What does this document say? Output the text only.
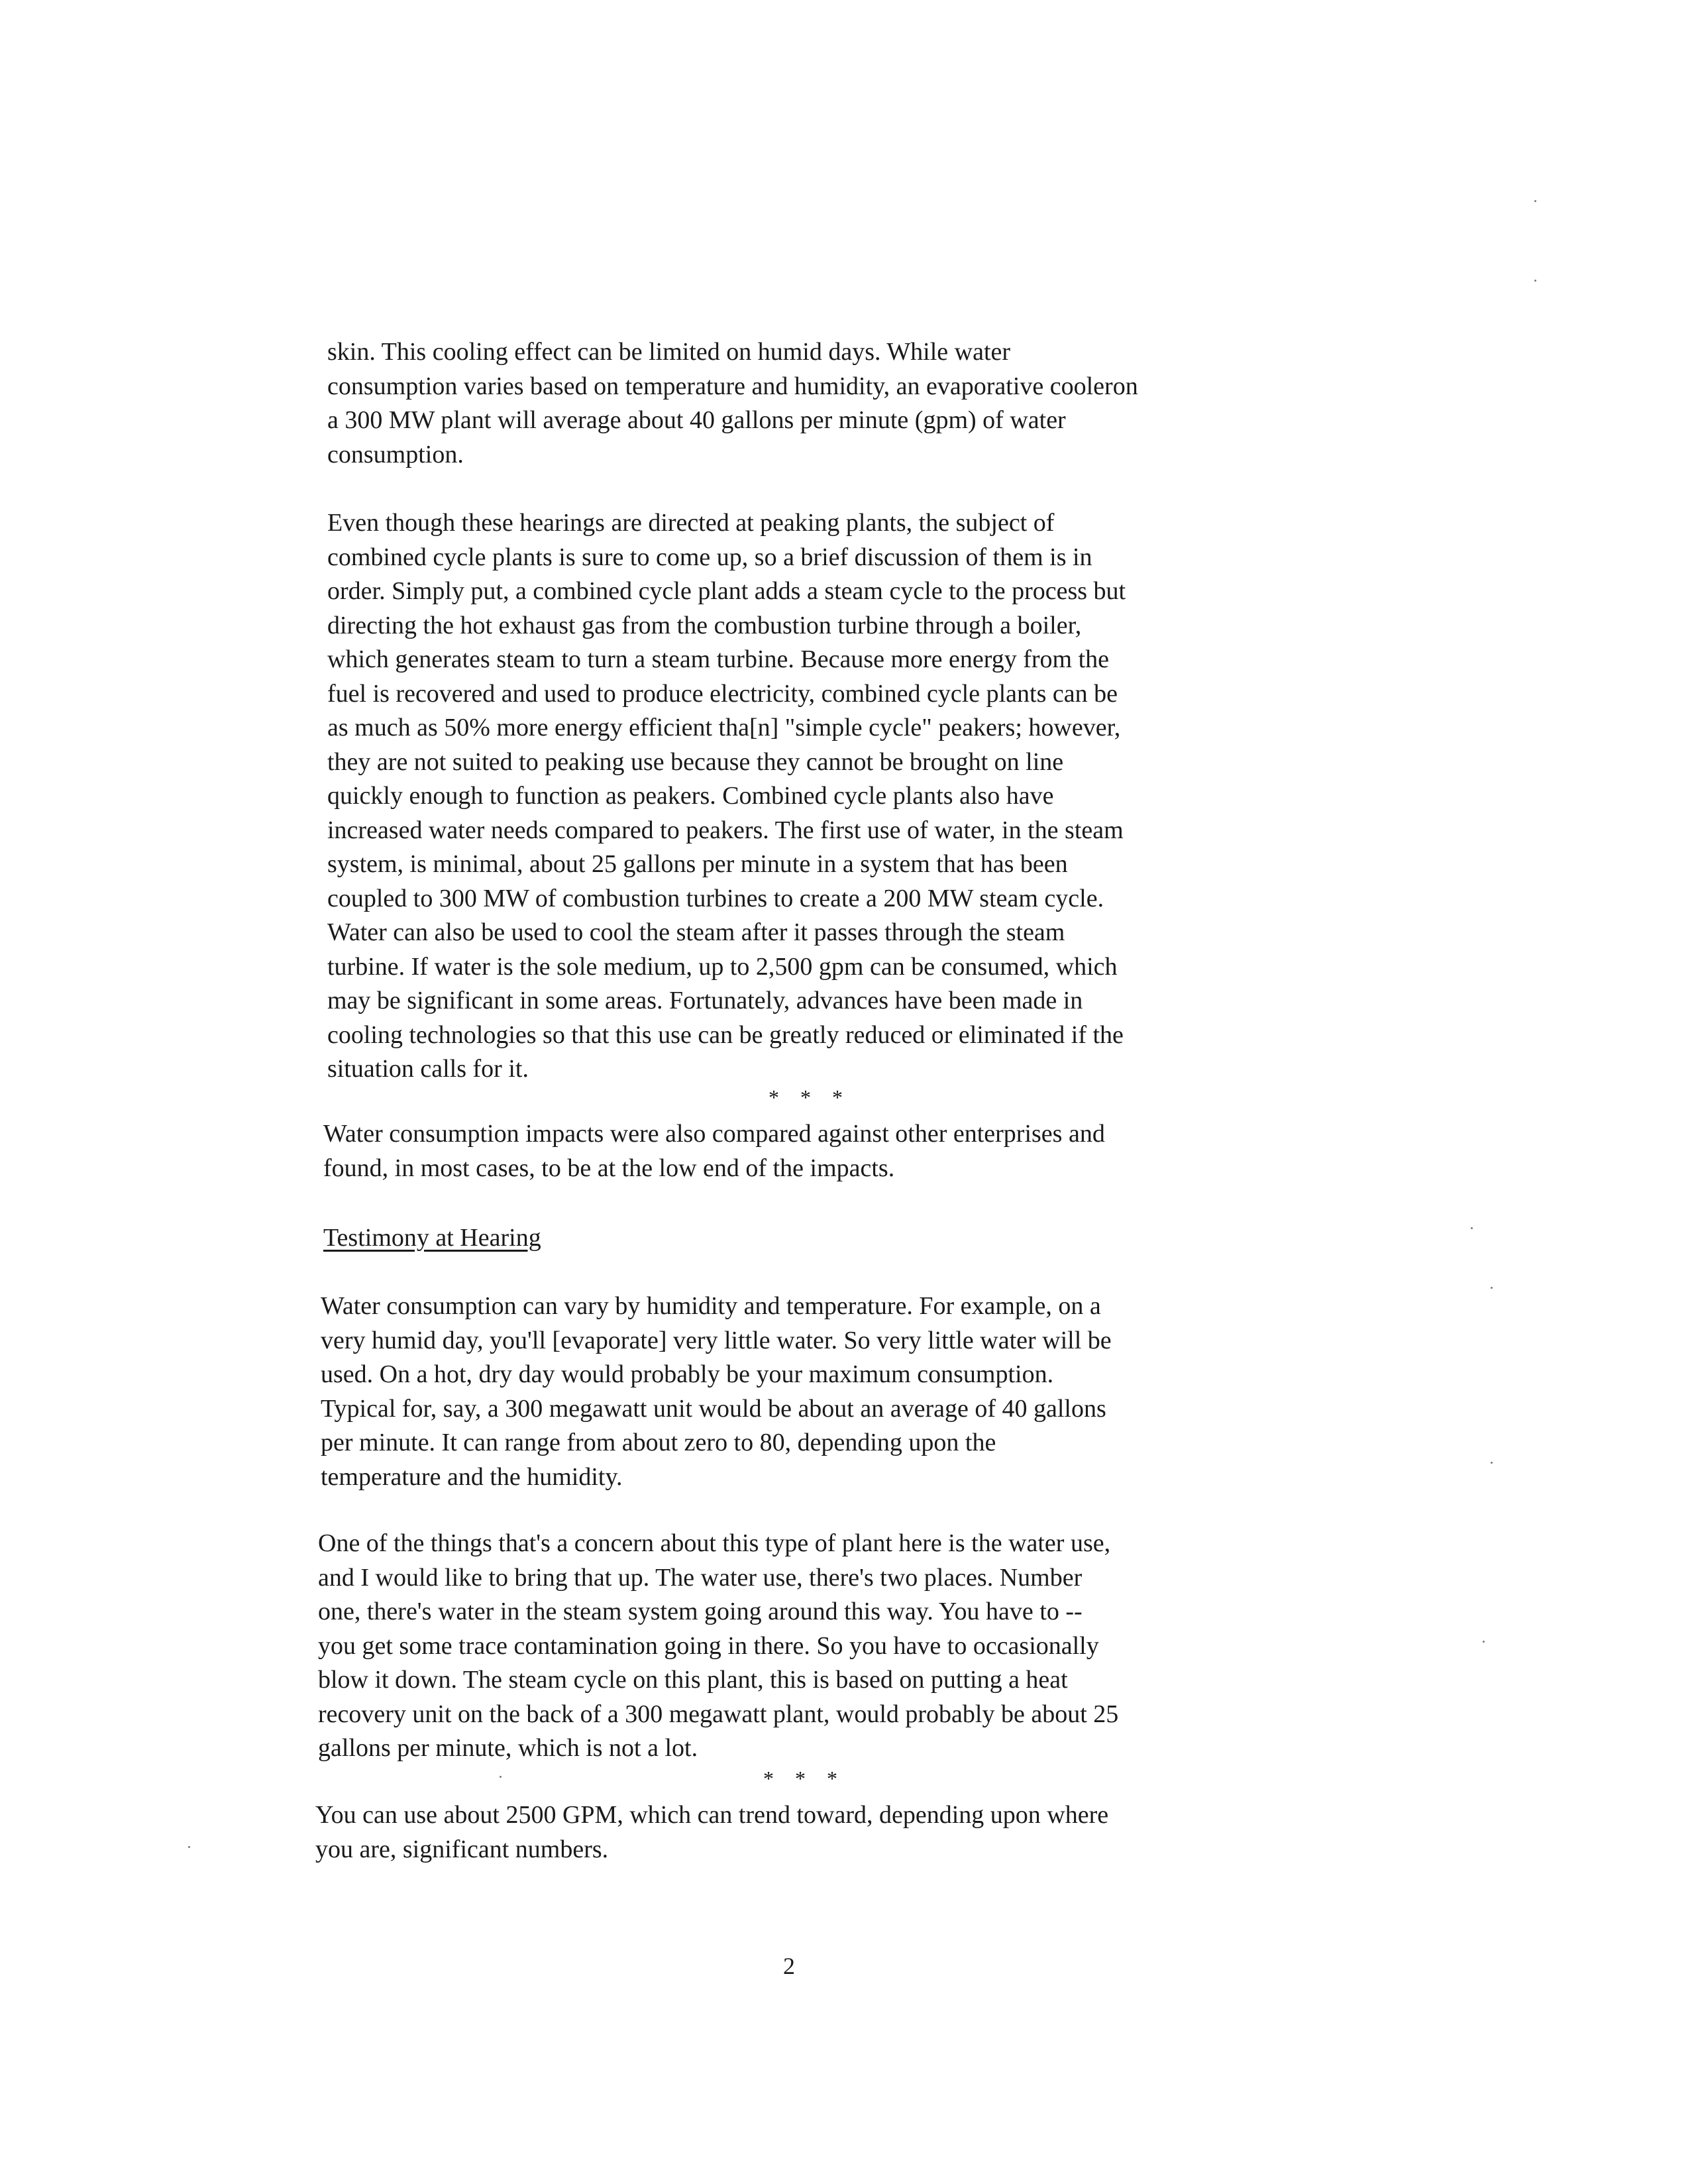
skin. This cooling effect can be limited on humid days. While water
consumption varies based on temperature and humidity, an evaporative cooleron
a 300 MW plant will average about 40 gallons per minute (gpm) of water
consumption.
Even though these hearings are directed at peaking plants, the subject of
combined cycle plants is sure to come up, so a brief discussion of them is in
order. Simply put, a combined cycle plant adds a steam cycle to the process but
directing the hot exhaust gas from the combustion turbine through a boiler,
which generates steam to turn a steam turbine. Because more energy from the
fuel is recovered and used to produce electricity, combined cycle plants can be
as much as 50% more energy efficient tha[n] "simple cycle" peakers; however,
they are not suited to peaking use because they cannot be brought on line
quickly enough to function as peakers. Combined cycle plants also have
increased water needs compared to peakers. The first use of water, in the steam
system, is minimal, about 25 gallons per minute in a system that has been
coupled to 300 MW of combustion turbines to create a 200 MW steam cycle.
Water can also be used to cool the steam after it passes through the steam
turbine. If water is the sole medium, up to 2,500 gpm can be consumed, which
may be significant in some areas. Fortunately, advances have been made in
cooling technologies so that this use can be greatly reduced or eliminated if the
situation calls for it.
* * *
Water consumption impacts were also compared against other enterprises and
found, in most cases, to be at the low end of the impacts.
Testimony at Hearing
Water consumption can vary by humidity and temperature. For example, on a
very humid day, you'll [evaporate] very little water. So very little water will be
used. On a hot, dry day would probably be your maximum consumption.
Typical for, say, a 300 megawatt unit would be about an average of 40 gallons
per minute. It can range from about zero to 80, depending upon the
temperature and the humidity.
One of the things that's a concern about this type of plant here is the water use,
and I would like to bring that up. The water use, there's two places. Number
one, there's water in the steam system going around this way. You have to --
you get some trace contamination going in there. So you have to occasionally
blow it down. The steam cycle on this plant, this is based on putting a heat
recovery unit on the back of a 300 megawatt plant, would probably be about 25
gallons per minute, which is not a lot.
* * *
You can use about 2500 GPM, which can trend toward, depending upon where
you are, significant numbers.
2
